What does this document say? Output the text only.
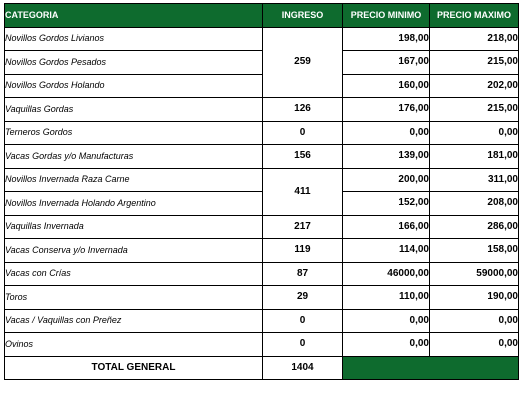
CATEGORIA	INGRESO	PRECIO MINIMO	PRECIO MAXIMO
Novillos Gordos Livianos	259	198,00	218,00
Novillos Gordos Pesados		167,00	215,00
Novillos Gordos Holando		160,00	202,00
Vaquillas Gordas	126	176,00	215,00
Terneros Gordos	0	0,00	0,00
Vacas Gordas y/o Manufacturas	156	139,00	181,00
Novillos Invernada Raza Carne	411	200,00	311,00
Novillos Invernada Holando Argentino		152,00	208,00
Vaquillas Invernada	217	166,00	286,00
Vacas Conserva y/o Invernada	119	114,00	158,00
Vacas con Crías	87	46000,00	59000,00
Toros	29	110,00	190,00
Vacas / Vaquillas con Preñez	0	0,00	0,00
Ovinos	0	0,00	0,00
TOTAL GENERAL	1404		
